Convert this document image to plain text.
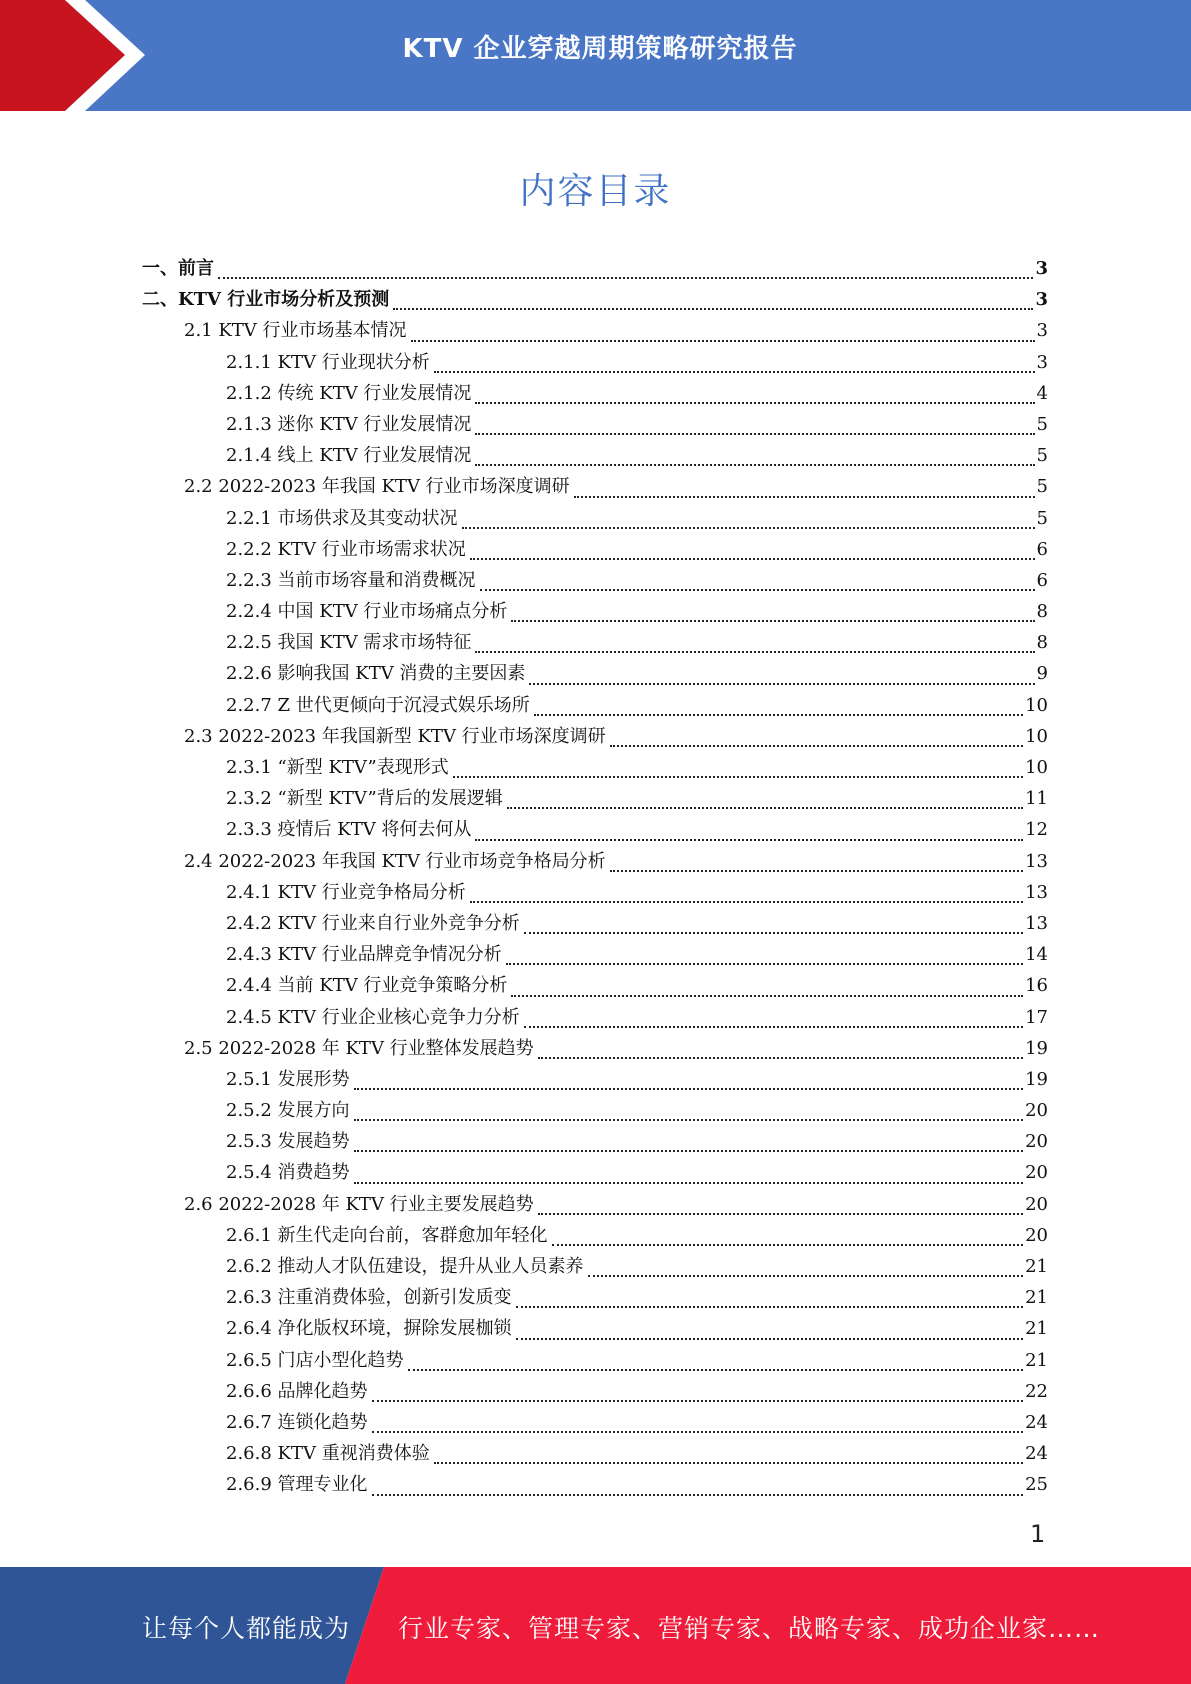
KTV 企业穿越周期策略研究报告
内容目录
一、前言	3
二、KTV 行业市场分析及预测	3
2.1 KTV 行业市场基本情况	3
2.1.1 KTV 行业现状分析	3
2.1.2 传统 KTV 行业发展情况	4
2.1.3 迷你 KTV 行业发展情况	5
2.1.4 线上 KTV 行业发展情况	5
2.2 2022-2023 年我国 KTV 行业市场深度调研	5
2.2.1 市场供求及其变动状况	5
2.2.2 KTV 行业市场需求状况	6
2.2.3 当前市场容量和消费概况	6
2.2.4 中国 KTV 行业市场痛点分析	8
2.2.5 我国 KTV 需求市场特征	8
2.2.6 影响我国 KTV 消费的主要因素	9
2.2.7 Z 世代更倾向于沉浸式娱乐场所	10
2.3 2022-2023 年我国新型 KTV 行业市场深度调研	10
2.3.1 “新型 KTV”表现形式	10
2.3.2 “新型 KTV”背后的发展逻辑	11
2.3.3 疫情后 KTV 将何去何从	12
2.4 2022-2023 年我国 KTV 行业市场竞争格局分析	13
2.4.1 KTV 行业竞争格局分析	13
2.4.2 KTV 行业来自行业外竞争分析	13
2.4.3 KTV 行业品牌竞争情况分析	14
2.4.4 当前 KTV 行业竞争策略分析	16
2.4.5 KTV 行业企业核心竞争力分析	17
2.5 2022-2028 年 KTV 行业整体发展趋势	19
2.5.1 发展形势	19
2.5.2 发展方向	20
2.5.3 发展趋势	20
2.5.4 消费趋势	20
2.6 2022-2028 年 KTV 行业主要发展趋势	20
2.6.1 新生代走向台前，客群愈加年轻化	20
2.6.2 推动人才队伍建设，提升从业人员素养	21
2.6.3 注重消费体验，创新引发质变	21
2.6.4 净化版权环境，摒除发展枷锁	21
2.6.5 门店小型化趋势	21
2.6.6 品牌化趋势	22
2.6.7 连锁化趋势	24
2.6.8 KTV 重视消费体验	24
2.6.9 管理专业化	25
1
让每个人都能成为 行业专家、管理专家、营销专家、战略专家、成功企业家……
